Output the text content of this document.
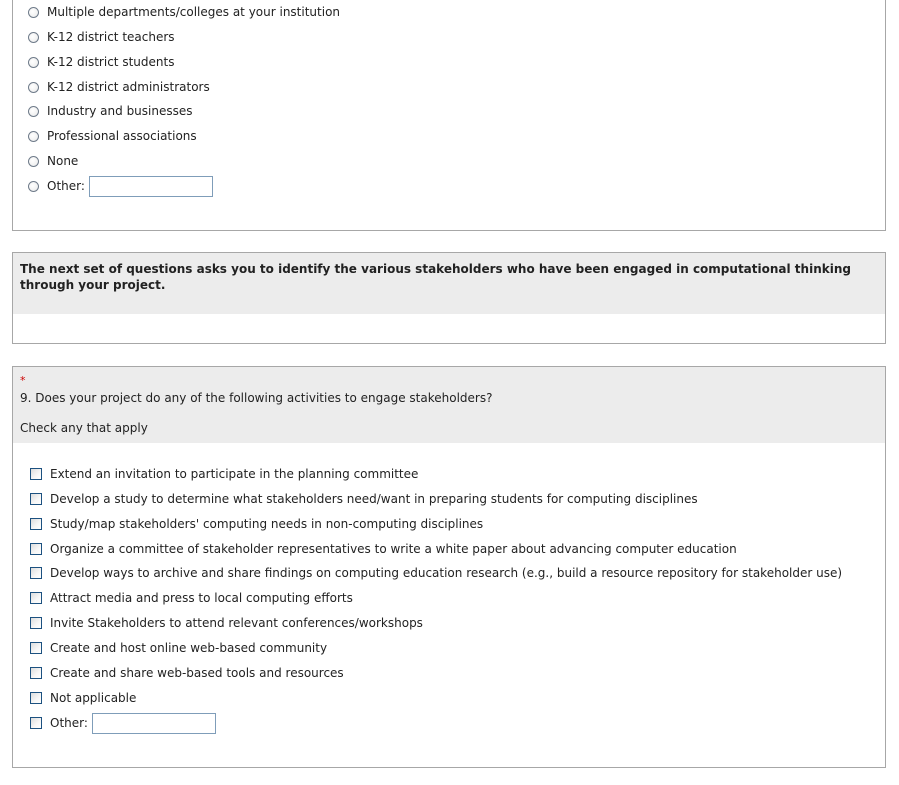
Multiple departments/colleges at your institution
K-12 district teachers
K-12 district students
K-12 district administrators
Industry and businesses
Professional associations
None
Other:
The next set of questions asks you to identify the various stakeholders who have been engaged in computational thinking through your project.
*
9. Does your project do any of the following activities to engage stakeholders?
Check any that apply
Extend an invitation to participate in the planning committee
Develop a study to determine what stakeholders need/want in preparing students for computing disciplines
Study/map stakeholders' computing needs in non-computing disciplines
Organize a committee of stakeholder representatives to write a white paper about advancing computer education
Develop ways to archive and share findings on computing education research (e.g., build a resource repository for stakeholder use)
Attract media and press to local computing efforts
Invite Stakeholders to attend relevant conferences/workshops
Create and host online web-based community
Create and share web-based tools and resources
Not applicable
Other:
